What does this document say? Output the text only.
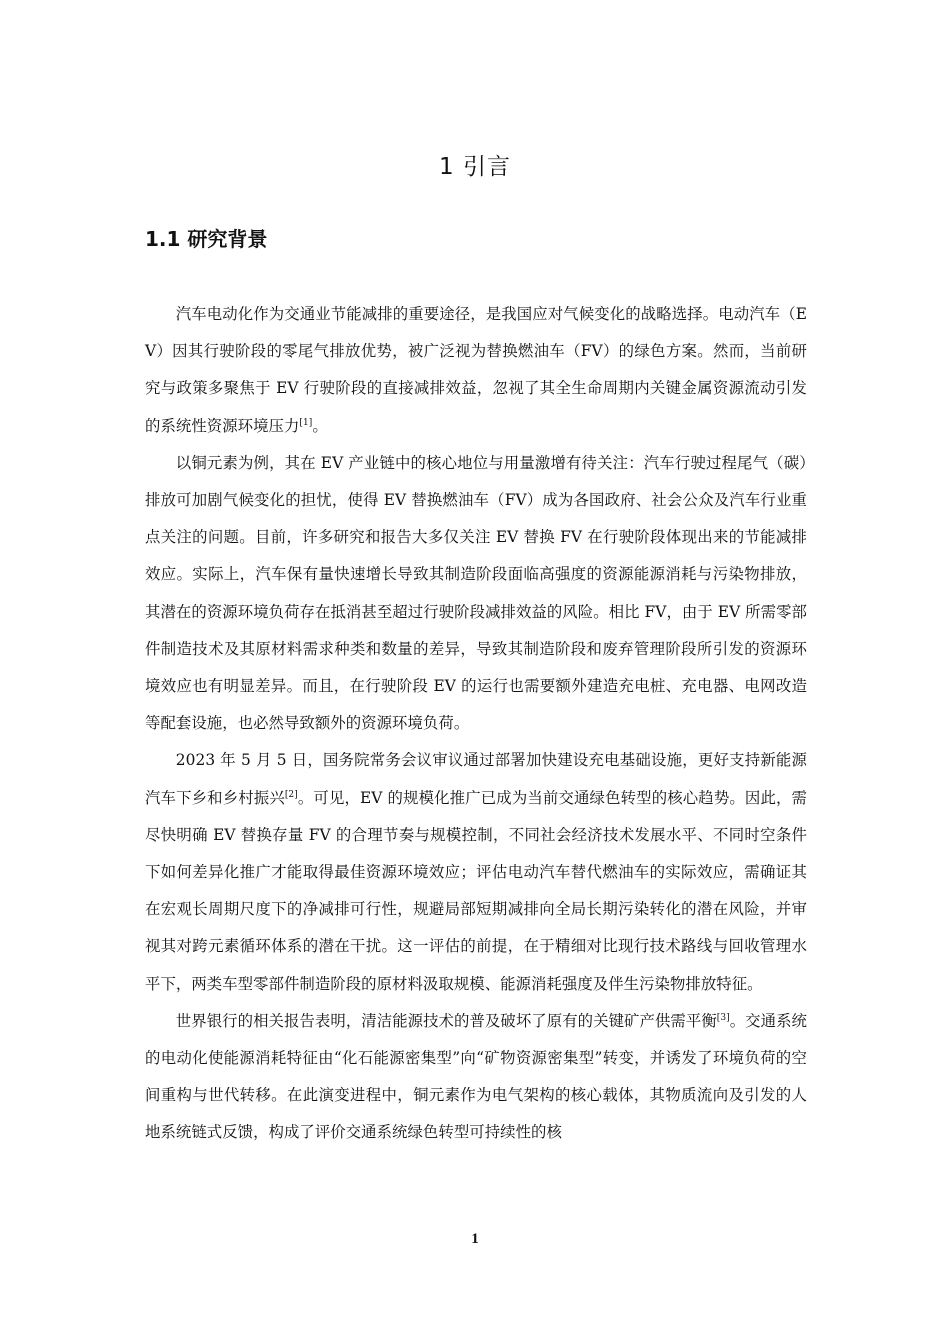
1 引言
1.1 研究背景

汽车电动化作为交通业节能减排的重要途径，是我国应对气候变化的战略选择。电动汽车（EV）因其行驶阶段的零尾气排放优势，被广泛视为替换燃油车（FV）的绿色方案。然而，当前研究与政策多聚焦于 EV 行驶阶段的直接减排效益，忽视了其全生命周期内关键金属资源流动引发的系统性资源环境压力[1]。

以铜元素为例，其在 EV 产业链中的核心地位与用量激增有待关注：汽车行驶过程尾气（碳）排放可加剧气候变化的担忧，使得 EV 替换燃油车（FV）成为各国政府、社会公众及汽车行业重点关注的问题。目前，许多研究和报告大多仅关注 EV 替换 FV 在行驶阶段体现出来的节能减排效应。实际上，汽车保有量快速增长导致其制造阶段面临高强度的资源能源消耗与污染物排放，其潜在的资源环境负荷存在抵消甚至超过行驶阶段减排效益的风险。相比 FV，由于 EV 所需零部件制造技术及其原材料需求种类和数量的差异，导致其制造阶段和废弃管理阶段所引发的资源环境效应也有明显差异。而且，在行驶阶段 EV 的运行也需要额外建造充电桩、充电器、电网改造等配套设施，也必然导致额外的资源环境负荷。

2023 年 5 月 5 日，国务院常务会议审议通过部署加快建设充电基础设施，更好支持新能源汽车下乡和乡村振兴[2]。可见，EV 的规模化推广已成为当前交通绿色转型的核心趋势。因此，需尽快明确 EV 替换存量 FV 的合理节奏与规模控制，不同社会经济技术发展水平、不同时空条件下如何差异化推广才能取得最佳资源环境效应；评估电动汽车替代燃油车的实际效应，需确证其在宏观长周期尺度下的净减排可行性，规避局部短期减排向全局长期污染转化的潜在风险，并审视其对跨元素循环体系的潜在干扰。这一评估的前提，在于精细对比现行技术路线与回收管理水平下，两类车型零部件制造阶段的原材料汲取规模、能源消耗强度及伴生污染物排放特征。

世界银行的相关报告表明，清洁能源技术的普及破坏了原有的关键矿产供需平衡[3]。交通系统的电动化使能源消耗特征由“化石能源密集型”向“矿物资源密集型”转变，并诱发了环境负荷的空间重构与世代转移。在此演变进程中，铜元素作为电气架构的核心载体，其物质流向及引发的人地系统链式反馈，构成了评价交通系统绿色转型可持续性的核

1
